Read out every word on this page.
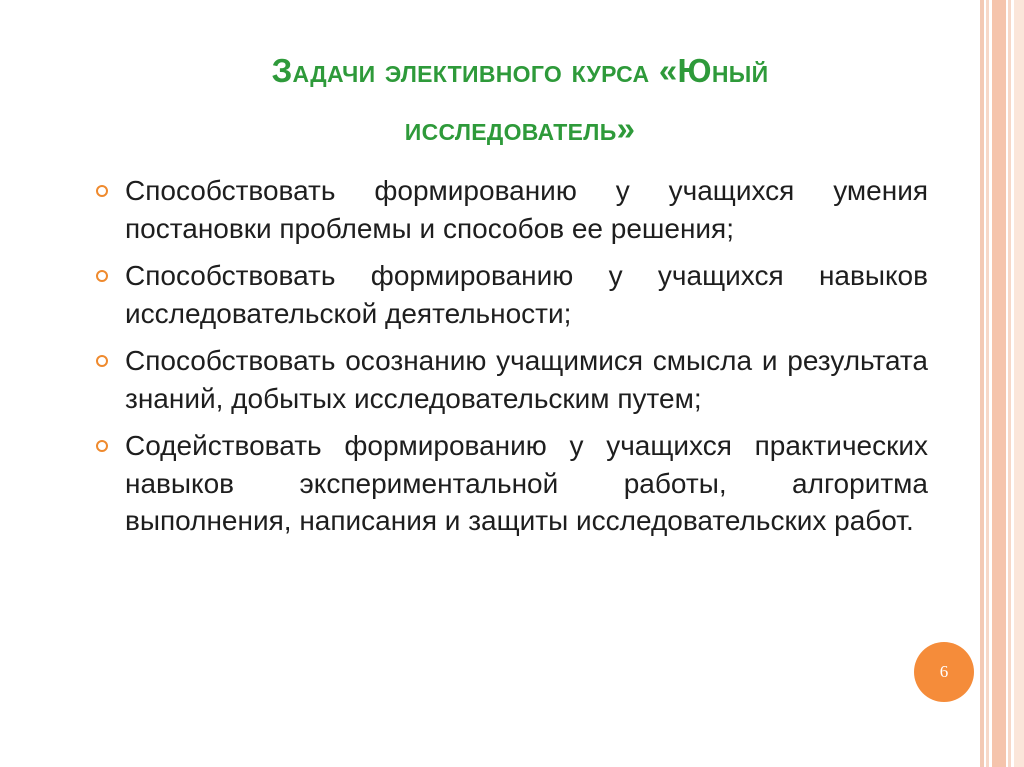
Задачи элективного курса «Юный
исследователь»
Способствовать формированию у учащихся умения постановки проблемы и способов ее решения;
Способствовать формированию у учащихся навыков исследовательской деятельности;
Способствовать осознанию учащимися смысла и результата знаний, добытых исследовательским путем;
Содействовать формированию у учащихся практических навыков экспериментальной работы, алгоритма выполнения, написания и защиты исследовательских работ.
6
